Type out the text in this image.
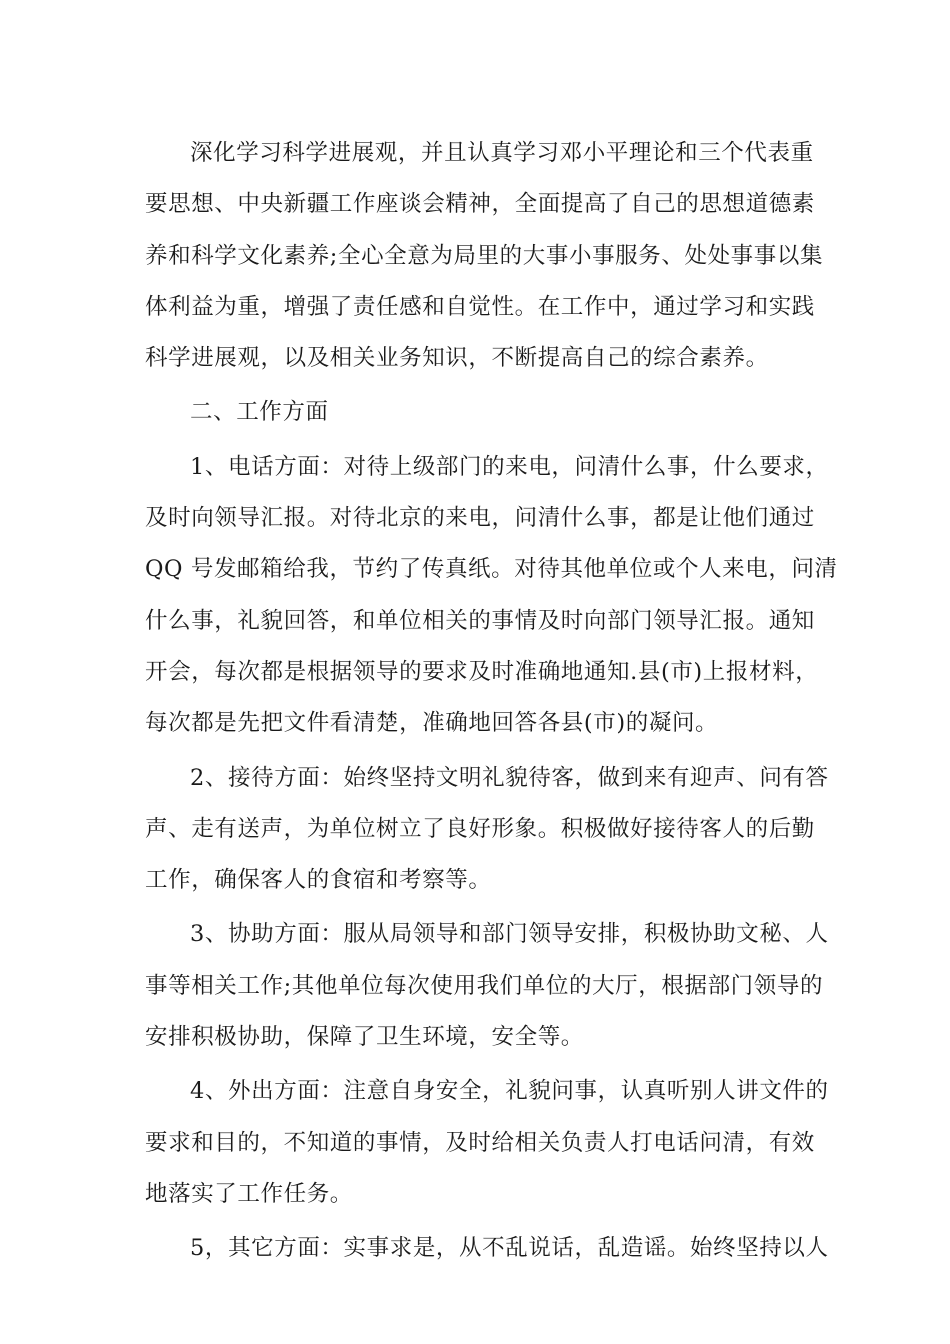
深化学习科学进展观，并且认真学习邓小平理论和三个代表重
要思想、中央新疆工作座谈会精神，全面提高了自己的思想道德素
养和科学文化素养;全心全意为局里的大事小事服务、处处事事以集
体利益为重，增强了责任感和自觉性。在工作中，通过学习和实践
科学进展观，以及相关业务知识，不断提高自己的综合素养。

二、工作方面

1、电话方面：对待上级部门的来电，问清什么事，什么要求，
及时向领导汇报。对待北京的来电，问清什么事，都是让他们通过
QQ 号发邮箱给我，节约了传真纸。对待其他单位或个人来电，问清
什么事，礼貌回答，和单位相关的事情及时向部门领导汇报。通知
开会，每次都是根据领导的要求及时准确地通知.县(市)上报材料，
每次都是先把文件看清楚，准确地回答各县(市)的凝问。

2、接待方面：始终坚持文明礼貌待客，做到来有迎声、问有答
声、走有送声，为单位树立了良好形象。积极做好接待客人的后勤
工作，确保客人的食宿和考察等。

3、协助方面：服从局领导和部门领导安排，积极协助文秘、人
事等相关工作;其他单位每次使用我们单位的大厅，根据部门领导的
安排积极协助，保障了卫生环境，安全等。

4、外出方面：注意自身安全，礼貌问事，认真听别人讲文件的
要求和目的，不知道的事情，及时给相关负责人打电话问清，有效
地落实了工作任务。

5，其它方面：实事求是，从不乱说话，乱造谣。始终坚持以人
